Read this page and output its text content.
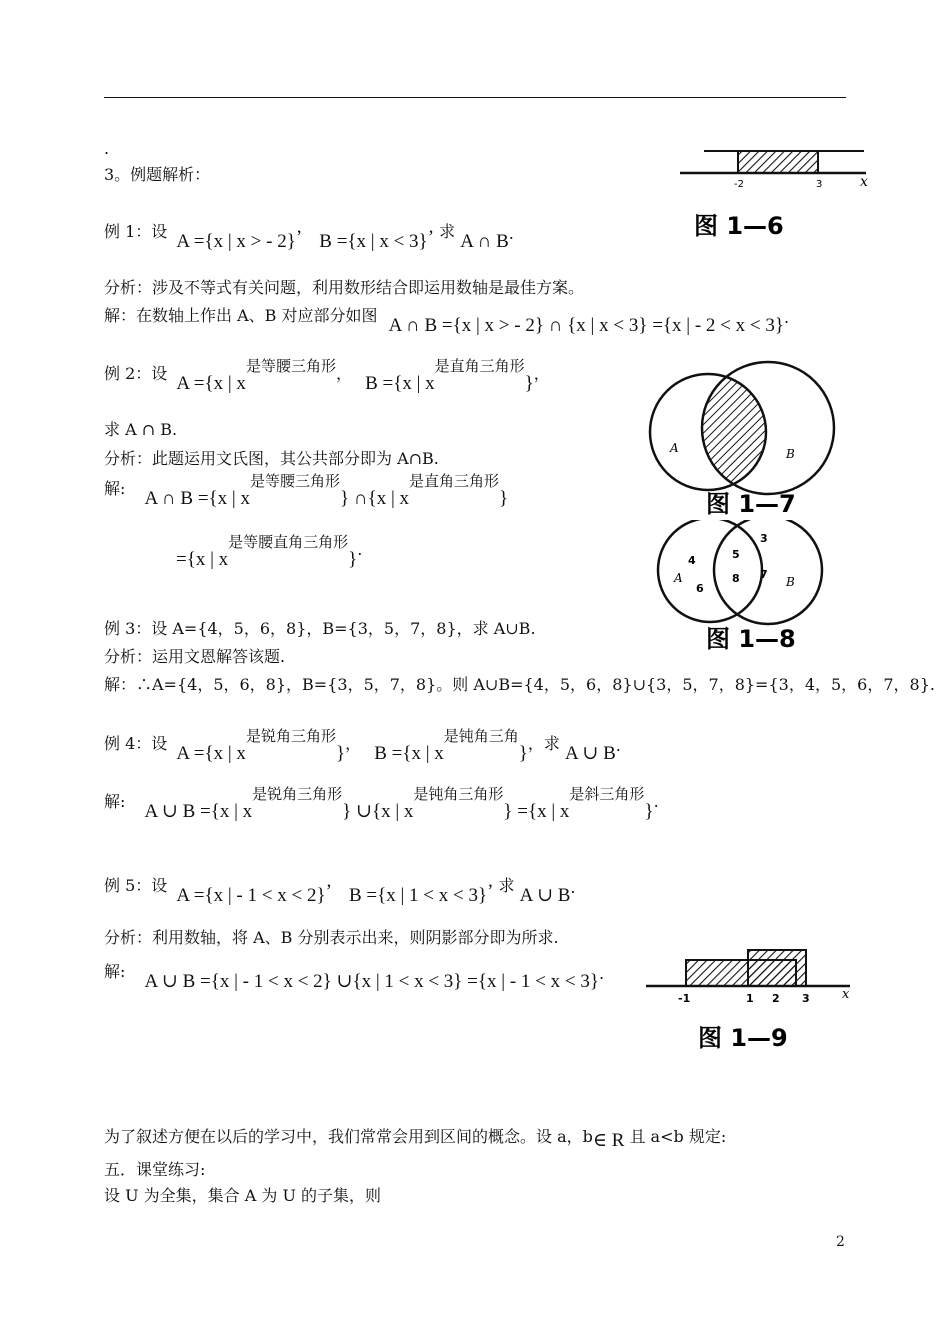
.
3。例题解析：
例 1：设 A ={x | x > - 2}’ B ={x | x < 3}’ 求 A ∩ B.
分析：涉及不等式有关问题，利用数形结合即运用数轴是最佳方案。
解：在数轴上作出 A、B 对应部分如图 A ∩ B ={x | x > - 2} ∩ {x | x < 3} ={x | - 2 < x < 3}.
例 2：设 A ={x | x是等腰三角形， B ={x | x是直角三角形}，
求 A ∩ B.
分析：此题运用文氏图，其公共部分即为 A∩B.
解: A ∩ B ={x | x是等腰三角形} ∩{x | x是直角三角形}
={x | x是等腰直角三角形}.
例 3：设 A={4，5，6，8}，B={3，5，7，8}，求 A∪B.
分析：运用文恩解答该题.
解：∴A={4，5，6，8}，B={3，5，7，8}。则 A∪B={4，5，6，8}∪{3，5，7，8}={3，4，5，6，7，8}.
例 4：设 A ={x | x是锐角三角形}， B ={x | x是钝角三角}，求 A ∪ B.
解: A ∪ B ={x | x是锐角三角形} ∪{x | x是钝角三角形} ={x | x是斜三角形}.
例 5：设 A ={x | - 1 < x < 2}’ B ={x | 1 < x < 3}’ 求 A ∪ B.
分析：利用数轴，将 A、B 分别表示出来，则阴影部分即为所求.
解: A ∪ B ={x | - 1 < x < 2} ∪{x | 1 < x < 3} ={x | - 1 < x < 3}.
为了叙述方便在以后的学习中，我们常常会用到区间的概念。设 a，b∈ R 且 a<b 规定:
五．课堂练习:
设 U 为全集，集合 A 为 U 的子集，则
-2	3	x
图 1—6
A	B
图 1—7
4
6
5
8
3
7
A	B
图 1—8
-1	1 2 3 x
图 1—9
2
